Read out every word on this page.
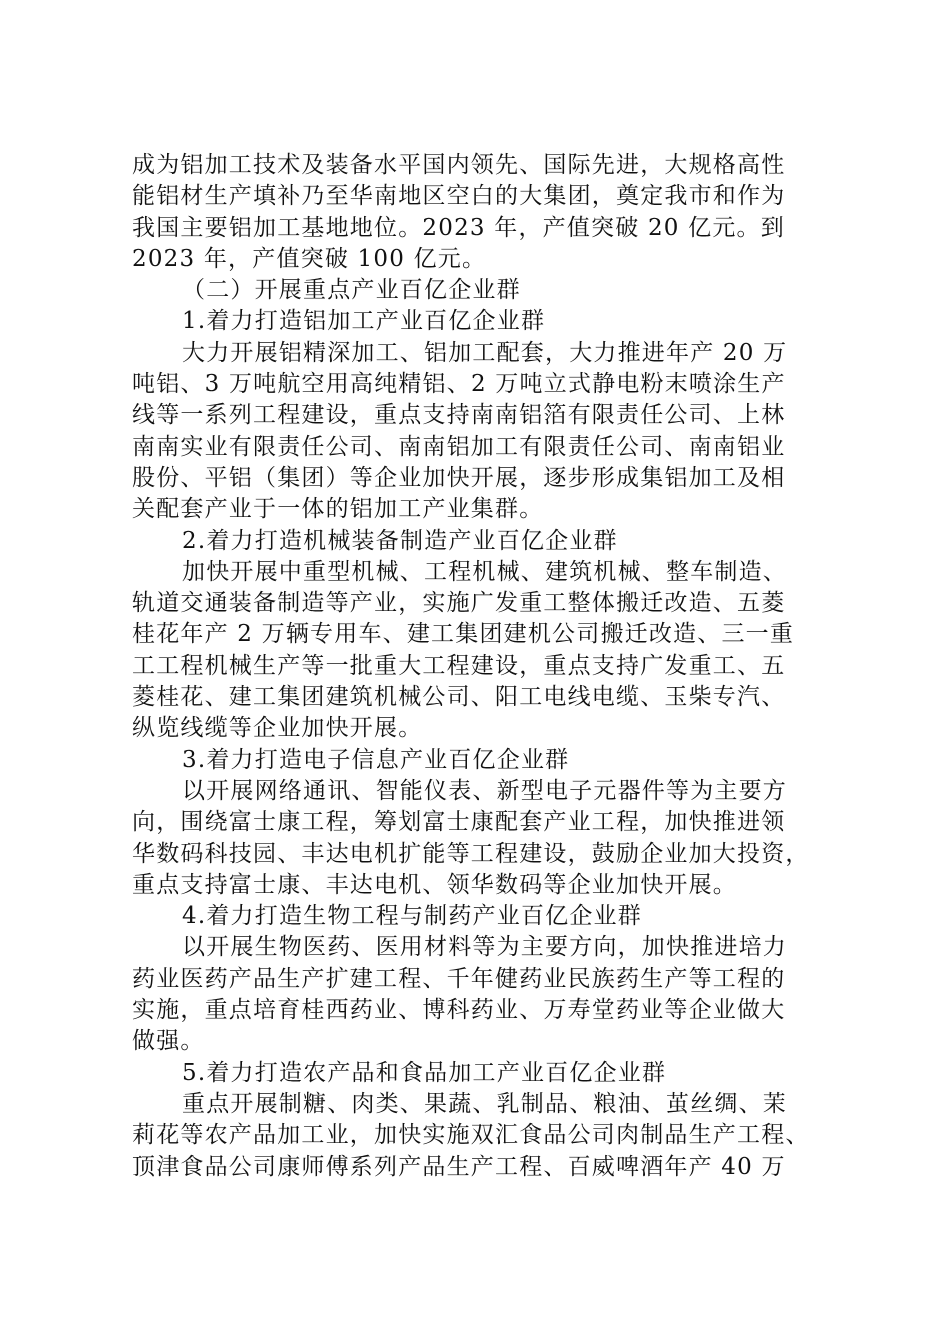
成为铝加工技术及装备水平国内领先、国际先进，大规格高性
能铝材生产填补乃至华南地区空白的大集团，奠定我市和作为
我国主要铝加工基地地位。2023 年，产值突破 20 亿元。到
2023 年，产值突破 100 亿元。
（二）开展重点产业百亿企业群
1.着力打造铝加工产业百亿企业群
大力开展铝精深加工、铝加工配套，大力推进年产 20 万
吨铝、3 万吨航空用高纯精铝、2 万吨立式静电粉末喷涂生产
线等一系列工程建设，重点支持南南铝箔有限责任公司、上林
南南实业有限责任公司、南南铝加工有限责任公司、南南铝业
股份、平铝（集团）等企业加快开展，逐步形成集铝加工及相
关配套产业于一体的铝加工产业集群。
2.着力打造机械装备制造产业百亿企业群
加快开展中重型机械、工程机械、建筑机械、整车制造、
轨道交通装备制造等产业，实施广发重工整体搬迁改造、五菱
桂花年产 2 万辆专用车、建工集团建机公司搬迁改造、三一重
工工程机械生产等一批重大工程建设，重点支持广发重工、五
菱桂花、建工集团建筑机械公司、阳工电线电缆、玉柴专汽、
纵览线缆等企业加快开展。
3.着力打造电子信息产业百亿企业群
以开展网络通讯、智能仪表、新型电子元器件等为主要方
向，围绕富士康工程，筹划富士康配套产业工程，加快推进领
华数码科技园、丰达电机扩能等工程建设，鼓励企业加大投资，
重点支持富士康、丰达电机、领华数码等企业加快开展。
4.着力打造生物工程与制药产业百亿企业群
以开展生物医药、医用材料等为主要方向，加快推进培力
药业医药产品生产扩建工程、千年健药业民族药生产等工程的
实施，重点培育桂西药业、博科药业、万寿堂药业等企业做大
做强。
5.着力打造农产品和食品加工产业百亿企业群
重点开展制糖、肉类、果蔬、乳制品、粮油、茧丝绸、茉
莉花等农产品加工业，加快实施双汇食品公司肉制品生产工程、
顶津食品公司康师傅系列产品生产工程、百威啤酒年产 40 万
